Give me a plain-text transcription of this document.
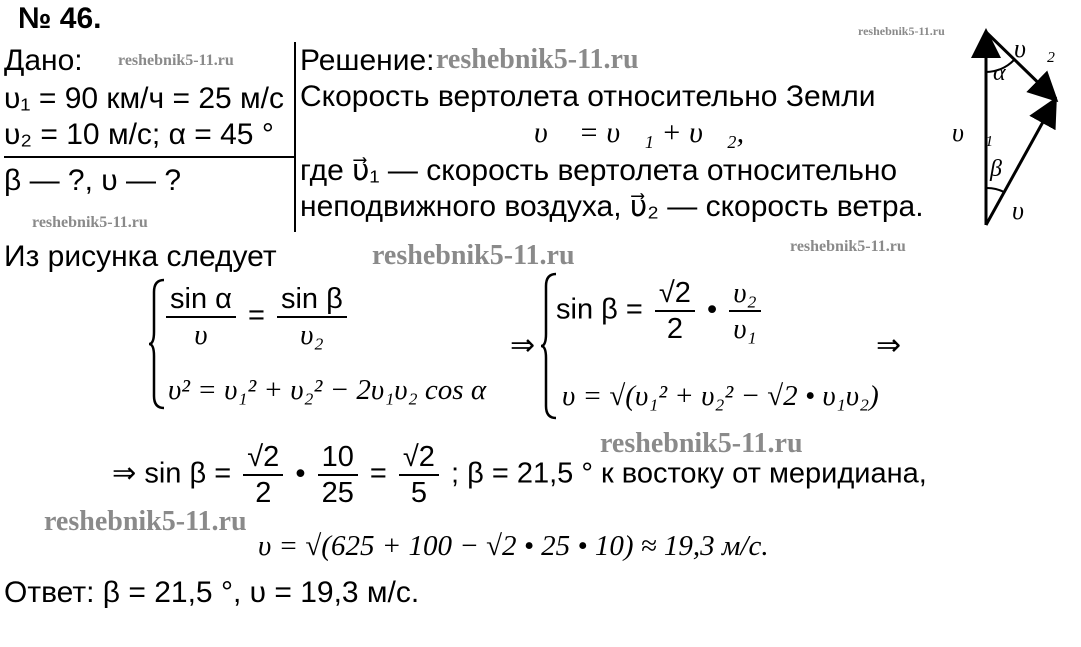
№ 46.	reshebnik5-11.ru
Дано: reshebnik5-11.ru
υ₁ = 90 км/ч = 25 м/с
υ₂ = 10 м/с; α = 45 °
β — ?, υ — ?
reshebnik5-11.ru
Решение: reshebnik5-11.ru
Скорость вертолета относительно Земли
υ⃗ = υ⃗₁ + υ⃗₂,
где υ⃗₁ — скорость вертолета относительно
неподвижного воздуха, υ⃗₂ — скорость ветра.
υ⃗₂
α
υ⃗₁
β
υ⃗
Из рисунка следует	reshebnik5-11.ru	reshebnik5-11.ru
$\frac{\text{sin α}}{\upsilon} = \frac{\text{sin β}}{\text{υ₂}}$
υ² = υ₁² + υ₂² − 2υ₁υ₂ cos α
⇒
$\sin \beta = \frac{√2}{2}$ • $\frac{\text{υ₂}}{\text{υ₁}}$
υ = √(υ₁² + υ₂² − √2 • υ₁υ₂)
⇒
reshebnik5-11.ru
⇒ $\sin \beta = \frac{√2}{2}$ • $\frac{10}{25} = \frac{√2}{5}$ ; β = 21,5 ° к востоку от меридиана,
reshebnik5-11.ru
υ = √(625 + 100 − √2 • 25 • 10) ≈ 19,3 м/с.
Ответ: β = 21,5 °, υ = 19,3 м/с.
